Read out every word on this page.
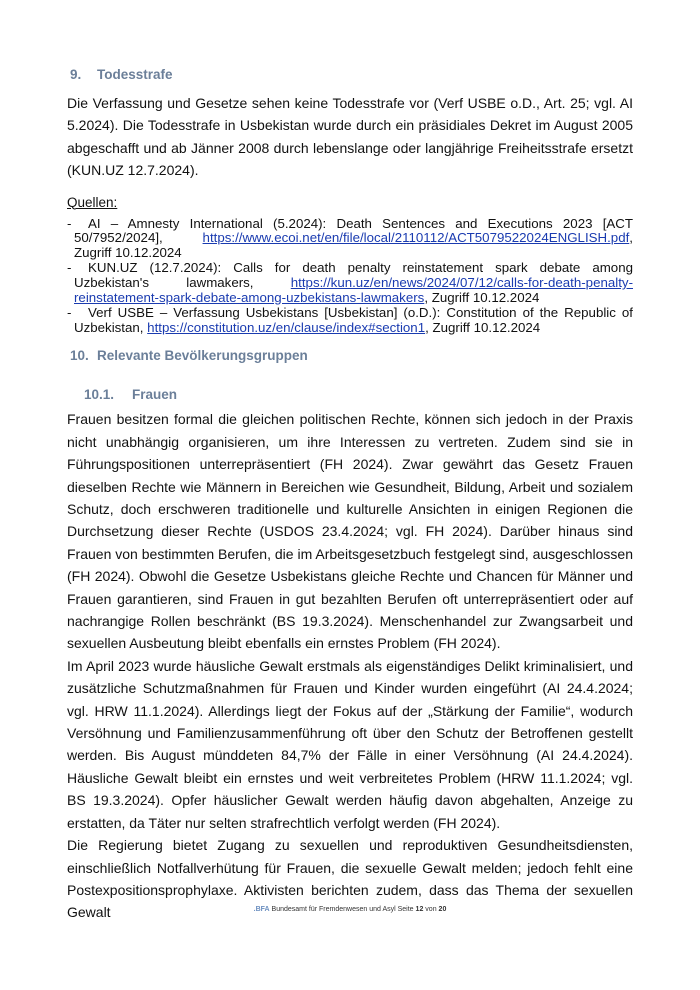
9. Todesstrafe

Die Verfassung und Gesetze sehen keine Todesstrafe vor (Verf USBE o.D., Art. 25; vgl. AI 5.2024). Die Todesstrafe in Usbekistan wurde durch ein präsidiales Dekret im August 2005 abgeschafft und ab Jänner 2008 durch lebenslange oder langjährige Freiheitsstrafe ersetzt (KUN.UZ 12.7.2024).

Quellen:
- AI – Amnesty International (5.2024): Death Sentences and Executions 2023 [ACT 50/7952/2024], https://www.ecoi.net/en/file/local/2110112/ACT5079522024ENGLISH.pdf, Zugriff 10.12.2024
- KUN.UZ (12.7.2024): Calls for death penalty reinstatement spark debate among Uzbekistan's lawmakers, https://kun.uz/en/news/2024/07/12/calls-for-death-penalty-reinstatement-spark-debate-among-uzbekistans-lawmakers, Zugriff 10.12.2024
- Verf USBE – Verfassung Usbekistans [Usbekistan] (o.D.): Constitution of the Republic of Uzbekistan, https://constitution.uz/en/clause/index#section1, Zugriff 10.12.2024
10. Relevante Bevölkerungsgruppen
10.1. Frauen

Frauen besitzen formal die gleichen politischen Rechte, können sich jedoch in der Praxis nicht unabhängig organisieren, um ihre Interessen zu vertreten. Zudem sind sie in Führungspositionen unterrepräsentiert (FH 2024). Zwar gewährt das Gesetz Frauen dieselben Rechte wie Männern in Bereichen wie Gesundheit, Bildung, Arbeit und sozialem Schutz, doch erschweren traditionelle und kulturelle Ansichten in einigen Regionen die Durchsetzung dieser Rechte (USDOS 23.4.2024; vgl. FH 2024). Darüber hinaus sind Frauen von bestimmten Berufen, die im Arbeitsgesetzbuch festgelegt sind, ausgeschlossen (FH 2024). Obwohl die Gesetze Usbekistans gleiche Rechte und Chancen für Männer und Frauen garantieren, sind Frauen in gut bezahlten Berufen oft unterrepräsentiert oder auf nachrangige Rollen beschränkt (BS 19.3.2024). Menschenhandel zur Zwangsarbeit und sexuellen Ausbeutung bleibt ebenfalls ein ernstes Problem (FH 2024).

Im April 2023 wurde häusliche Gewalt erstmals als eigenständiges Delikt kriminalisiert, und zusätzliche Schutzmaßnahmen für Frauen und Kinder wurden eingeführt (AI 24.4.2024; vgl. HRW 11.1.2024). Allerdings liegt der Fokus auf der „Stärkung der Familie“, wodurch Versöhnung und Familienzusammenführung oft über den Schutz der Betroffenen gestellt werden. Bis August münddeten 84,7% der Fälle in einer Versöhnung (AI 24.4.2024). Häusliche Gewalt bleibt ein ernstes und weit verbreitetes Problem (HRW 11.1.2024; vgl. BS 19.3.2024). Opfer häuslicher Gewalt werden häufig davon abgehalten, Anzeige zu erstatten, da Täter nur selten strafrechtlich verfolgt werden (FH 2024).

Die Regierung bietet Zugang zu sexuellen und reproduktiven Gesundheitsdiensten, einschließlich Notfallverhütung für Frauen, die sexuelle Gewalt melden; jedoch fehlt eine Postexpositionsprophylaxe. Aktivisten berichten zudem, dass das Thema der sexuellen Gewalt	.BFA Bundesamt für Fremdenwesen und Asyl Seite 12 von 20
